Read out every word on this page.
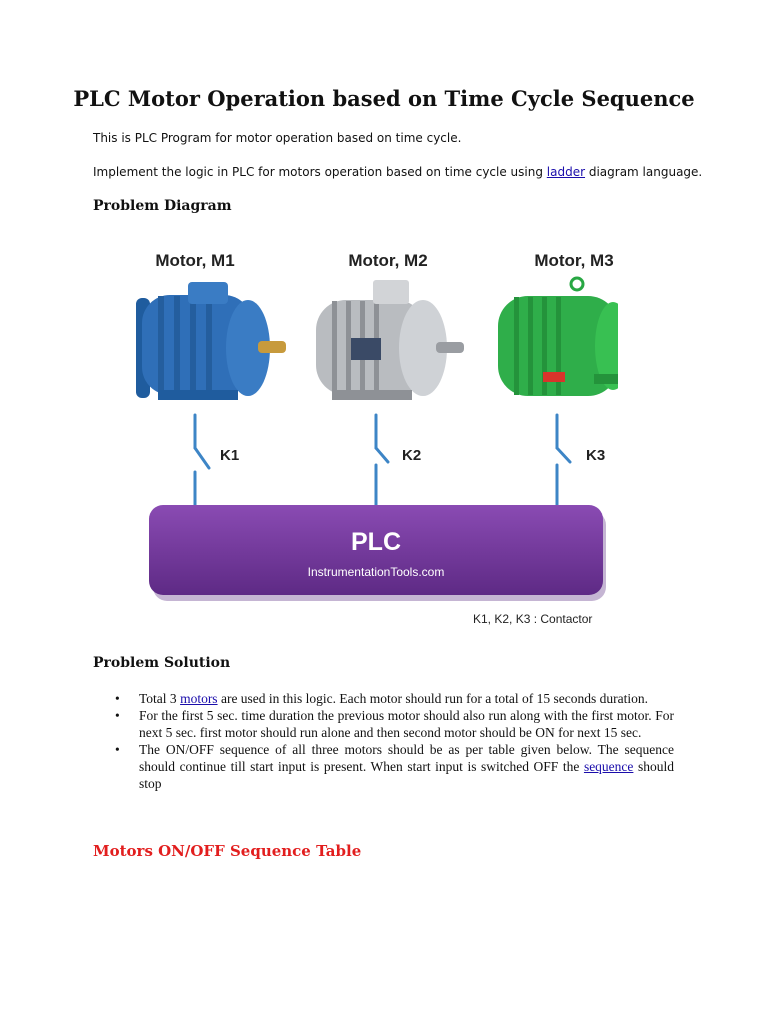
PLC Motor Operation based on Time Cycle Sequence
This is PLC Program for motor operation based on time cycle.
Implement the logic in PLC for motors operation based on time cycle using ladder diagram language.
Problem Diagram
Motor, M1	Motor, M2	Motor, M3
K1	K2	K3
PLC
InstrumentationTools.com
K1, K2, K3 : Contactor
Problem Solution
• Total 3 motors are used in this logic. Each motor should run for a total of 15 seconds duration.
• For the first 5 sec. time duration the previous motor should also run along with the first motor. For next 5 sec. first motor should run alone and then second motor should be ON for next 15 sec.
• The ON/OFF sequence of all three motors should be as per table given below. The sequence should continue till start input is present. When start input is switched OFF the sequence should stop
Motors ON/OFF Sequence Table
